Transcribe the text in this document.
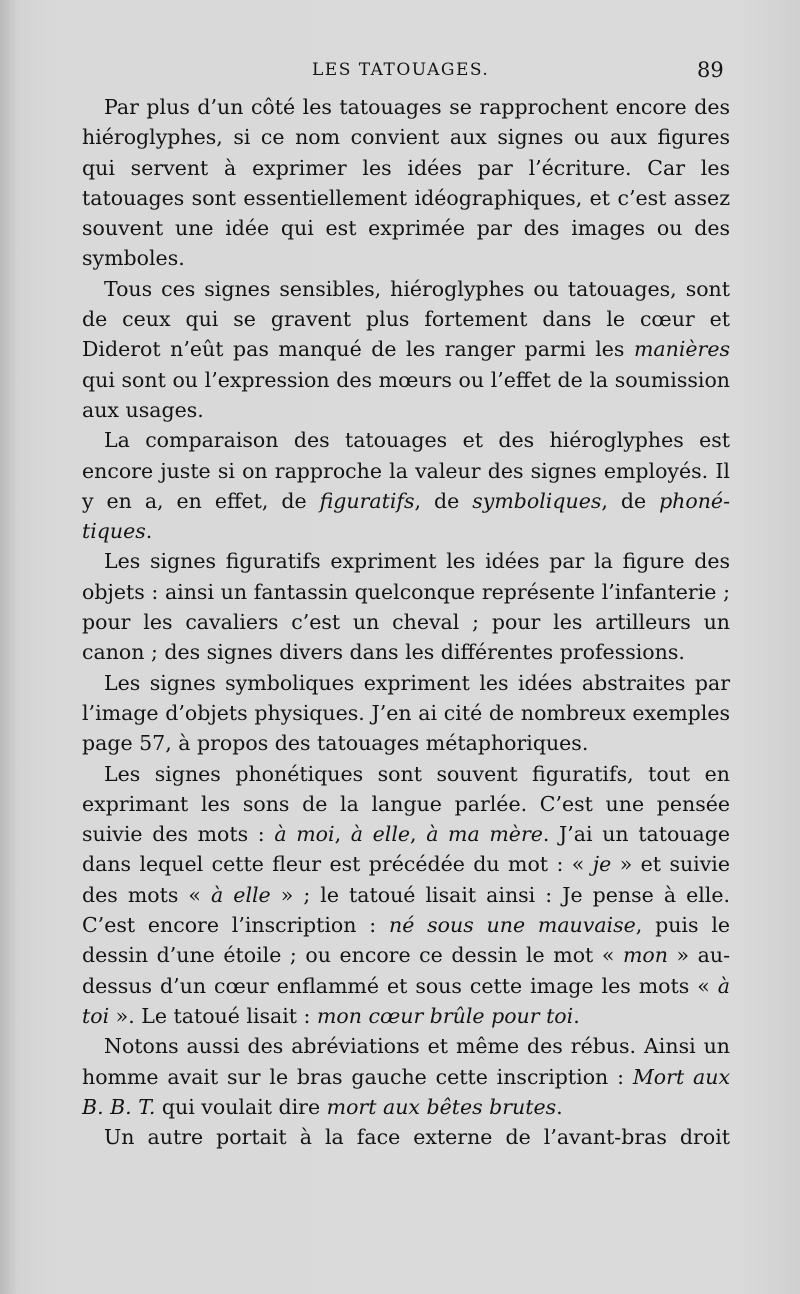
LES TATOUAGES.	89

Par plus d’un côté les tatouages se rapprochent encore des hiéroglyphes, si ce nom convient aux signes ou aux figures qui servent à exprimer les idées par l’écriture. Car les tatouages sont essentiellement idéographiques, et c’est assez souvent une idée qui est exprimée par des images ou des symboles.

Tous ces signes sensibles, hiéroglyphes ou tatouages, sont de ceux qui se gravent plus fortement dans le cœur et Diderot n’eût pas manqué de les ranger parmi les manières qui sont ou l’expression des mœurs ou l’effet de la soumission aux usages.

La comparaison des tatouages et des hiéroglyphes est encore juste si on rapproche la valeur des signes employés. Il y en a, en effet, de figuratifs, de symboliques, de phoné-tiques.

Les signes figuratifs expriment les idées par la figure des objets : ainsi un fantassin quelconque représente l’infanterie ; pour les cavaliers c’est un cheval ; pour les artilleurs un canon ; des signes divers dans les différentes professions.

Les signes symboliques expriment les idées abstraites par l’image d’objets physiques. J’en ai cité de nombreux exemples page 57, à propos des tatouages métaphoriques.

Les signes phonétiques sont souvent figuratifs, tout en exprimant les sons de la langue parlée. C’est une pensée suivie des mots : à moi, à elle, à ma mère. J’ai un tatouage dans lequel cette fleur est précédée du mot : « je » et suivie des mots « à elle » ; le tatoué lisait ainsi : Je pense à elle. C’est encore l’inscription : né sous une mauvaise, puis le dessin d’une étoile ; ou encore ce dessin le mot « mon » au-dessus d’un cœur enflammé et sous cette image les mots « à toi ». Le tatoué lisait : mon cœur brûle pour toi.

Notons aussi des abréviations et même des rébus. Ainsi un homme avait sur le bras gauche cette inscription : Mort aux B. B. T. qui voulait dire mort aux bêtes brutes.

Un autre portait à la face externe de l’avant-bras droit
